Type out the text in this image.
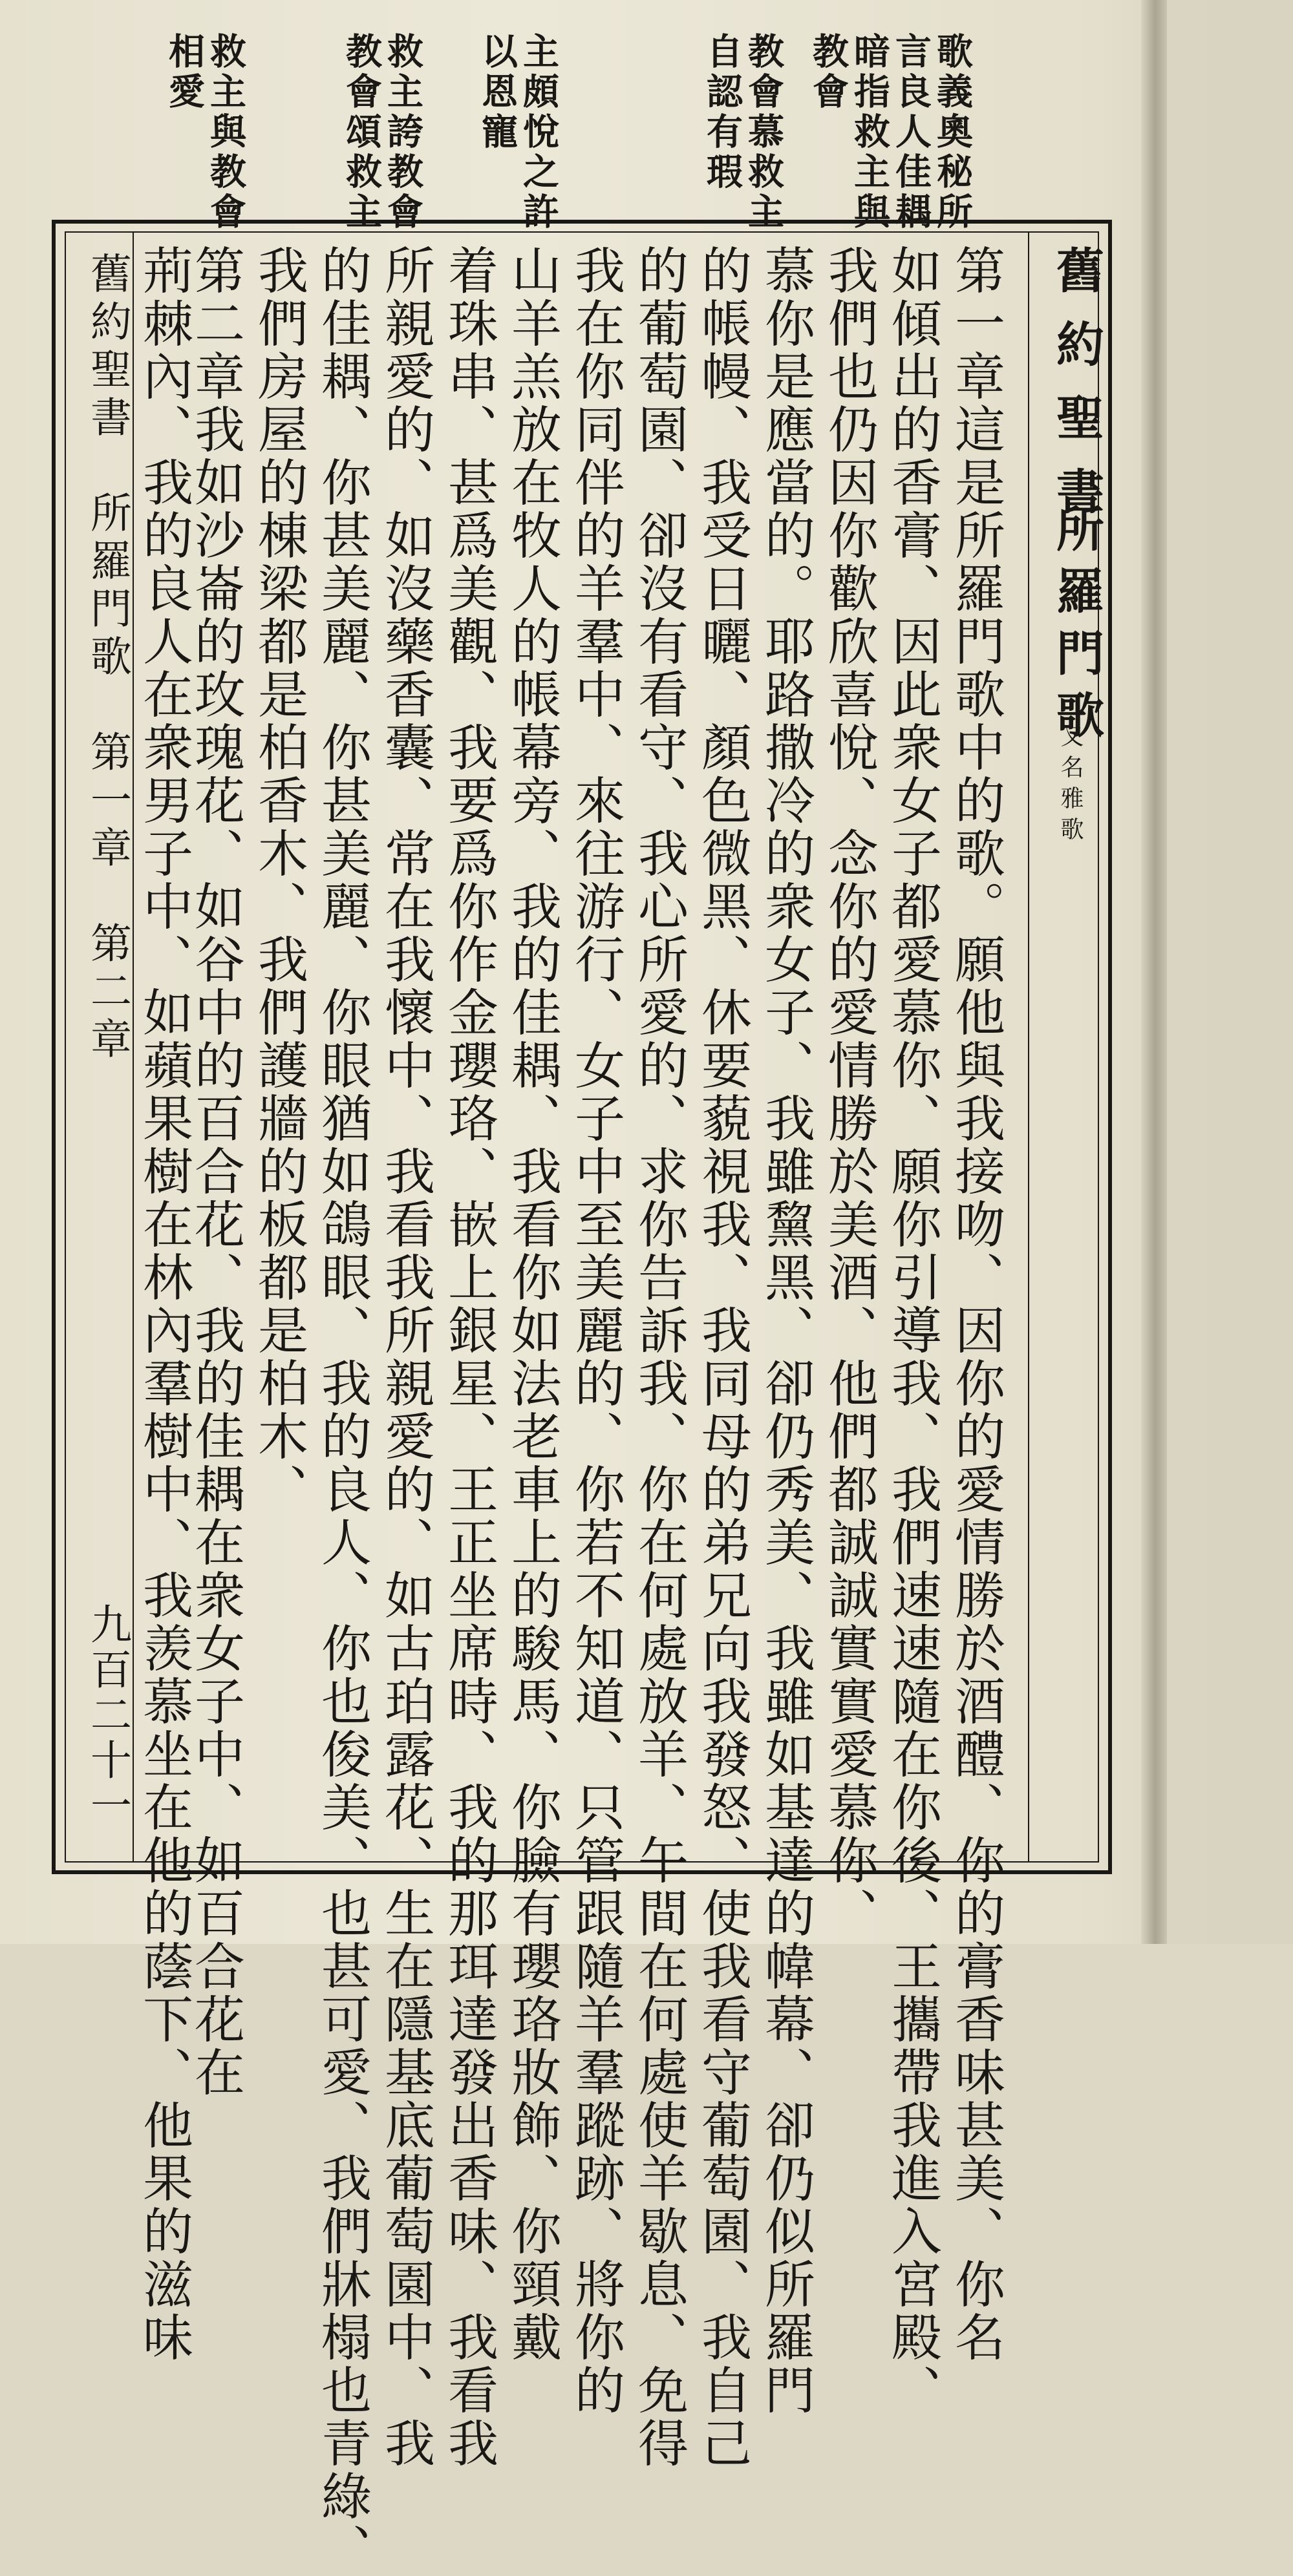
歌義奧秘所
言良人佳耦
暗指救主與
教會
教會慕救主
自認有瑕
主頗悅之許
以恩寵
救主誇教會
教會頌救主
救主與教會
相愛
舊約聖書
所羅門歌
又名雅歌
第一章這是所羅門歌中的歌。願他與我接吻、因你的愛情勝於酒醴、你的膏香味甚美、你名
如傾出的香膏、因此衆女子都愛慕你、願你引導我、我們速速隨在你後、王攜帶我進入宮殿、
我們也仍因你歡欣喜悅、念你的愛情勝於美酒、他們都誠誠實實愛慕你、
慕你是應當的。耶路撒冷的衆女子、我雖黧黑、卻仍秀美、我雖如基達的幃幕、卻仍似所羅門
的帳幔、我受日曬、顏色微黑、休要藐視我、我同母的弟兄向我發怒、使我看守葡萄園、我自己
的葡萄園、卻沒有看守、我心所愛的、求你告訴我、你在何處放羊、午間在何處使羊歇息、免得
我在你同伴的羊羣中、來往游行、女子中至美麗的、你若不知道、只管跟隨羊羣蹤跡、將你的
山羊羔放在牧人的帳幕旁、我的佳耦、我看你如法老車上的駿馬、你臉有瓔珞妝飾、你頸戴
着珠串、甚爲美觀、我要爲你作金瓔珞、嵌上銀星、王正坐席時、我的那珥達發出香味、我看我
所親愛的、如沒藥香囊、常在我懷中、我看我所親愛的、如古珀露花、生在隱基底葡萄園中、我
的佳耦、你甚美麗、你甚美麗、你眼猶如鴿眼、我的良人、你也俊美、也甚可愛、我們牀榻也青綠、
我們房屋的棟梁都是柏香木、我們護牆的板都是柏木、
第二章我如沙崙的玫瑰花、如谷中的百合花、我的佳耦在衆女子中、如百合花在
荊棘內、我的良人在衆男子中、如蘋果樹在林內羣樹中、我羡慕坐在他的蔭下、他果的滋味
舊約聖書　所羅門歌　第一章　第二章
九百二十一
